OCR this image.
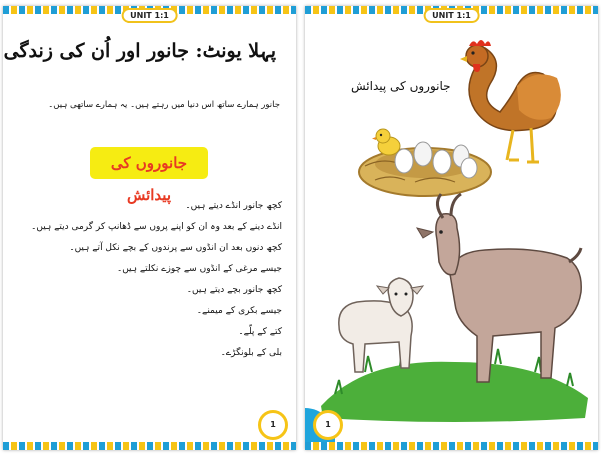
UNIT 1:1
پہلا یونٹ: جانور اور اُن کی زندگی
جانور ہمارے ساتھ اس دنیا میں رہتے ہیں۔ یہ ہمارے ساتھی ہیں۔
جانوروں کی پیدائش
کچھ جانور انڈے دیتے ہیں۔
انڈے دینے کے بعد وہ ان کو اپنے پروں سے ڈھانپ کر گرمی دیتے ہیں۔
کچھ دنوں بعد ان انڈوں سے پرندوں کے بچے نکل آتے ہیں۔
جیسے مرغی کے انڈوں سے چوزے نکلتے ہیں۔
کچھ جانور بچے دیتے ہیں۔
جیسے بکری کے میمنے۔
کتے کے پلّے۔
بلی کے بلونگڑے۔
1
UNIT 1:1
جانوروں کی پیدائش
1
